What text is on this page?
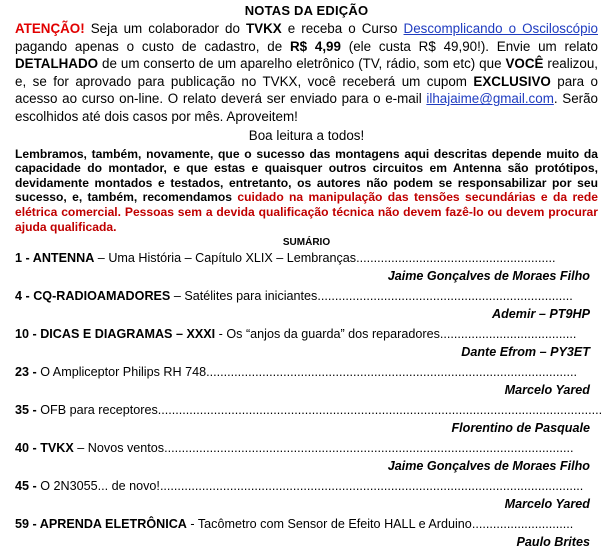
NOTAS DA EDIÇÃO

ATENÇÃO! Seja um colaborador do TVKX e receba o Curso Descomplicando o Osciloscópio pagando apenas o custo de cadastro, de R$ 4,99 (ele custa R$ 49,90!). Envie um relato DETALHADO de um conserto de um aparelho eletrônico (TV, rádio, som etc) que VOCÊ realizou, e, se for aprovado para publicação no TVKX, você receberá um cupom EXCLUSIVO para o acesso ao curso on-line. O relato deverá ser enviado para o e-mail ilhajaime@gmail.com. Serão escolhidos até dois casos por mês. Aproveitem!

Boa leitura a todos!

Lembramos, também, novamente, que o sucesso das montagens aqui descritas depende muito da capacidade do montador, e que estas e quaisquer outros circuitos em Antenna são protótipos, devidamente montados e testados, entretanto, os autores não podem se responsabilizar por seu sucesso, e, também, recomendamos cuidado na manipulação das tensões secundárias e da rede elétrica comercial. Pessoas sem a devida qualificação técnica não devem fazê-lo ou devem procurar ajuda qualificada.

SUMÁRIO
1 - ANTENNA – Uma História – Capítulo XLIX – Lembranças.........................................................
Jaime Gonçalves de Moraes Filho
4 - CQ-RADIOAMADORES – Satélites para iniciantes.........................................................................
Ademir – PT9HP
10 - DICAS E DIAGRAMAS – XXXI - Os “anjos da guarda” dos reparadores.......................................
Dante Efrom – PY3ET
23 - O Ampliceptor Philips RH 748..........................................................................................................
Marcelo Yared
35 - OFB para receptores...............................................................................................................................
Florentino de Pasquale
40 - TVKX – Novos ventos.....................................................................................................................
Jaime Gonçalves de Moraes Filho
45 - O 2N3055... de novo!.........................................................................................................................
Marcelo Yared
59 - APRENDA ELETRÔNICA - Tacômetro com Sensor de Efeito HALL e Arduino.............................
Paulo Brites
